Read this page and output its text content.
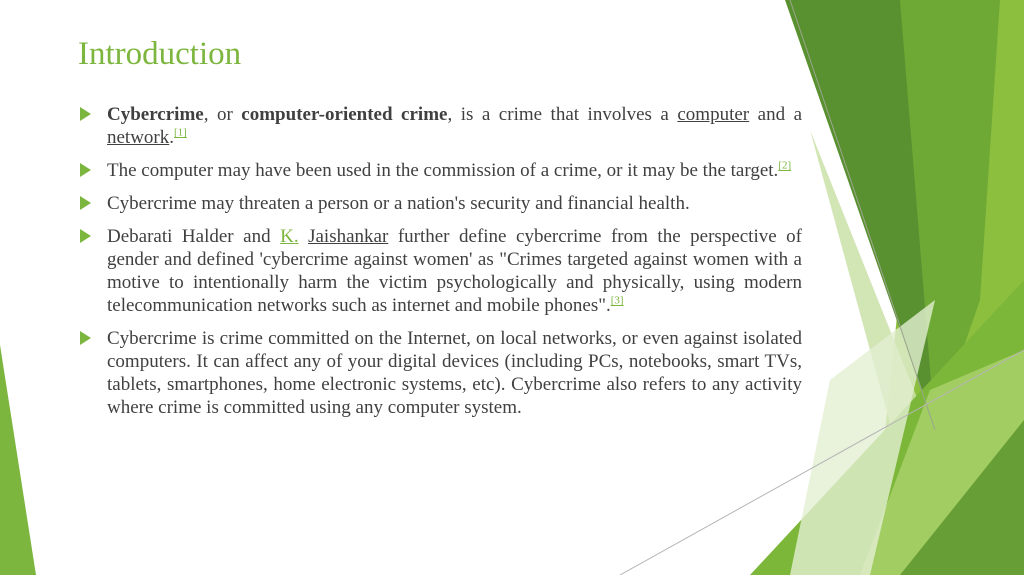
Introduction
Cybercrime, or computer-oriented crime, is a crime that involves a computer and a network.[1]
The computer may have been used in the commission of a crime, or it may be the target.[2]
Cybercrime may threaten a person or a nation's security and financial health.
Debarati Halder and K. Jaishankar further define cybercrime from the perspective of gender and defined 'cybercrime against women' as "Crimes targeted against women with a motive to intentionally harm the victim psychologically and physically, using modern telecommunication networks such as internet and mobile phones".[3]
Cybercrime is crime committed on the Internet, on local networks, or even against isolated computers. It can affect any of your digital devices (including PCs, notebooks, smart TVs, tablets, smartphones, home electronic systems, etc). Cybercrime also refers to any activity where crime is committed using any computer system.
